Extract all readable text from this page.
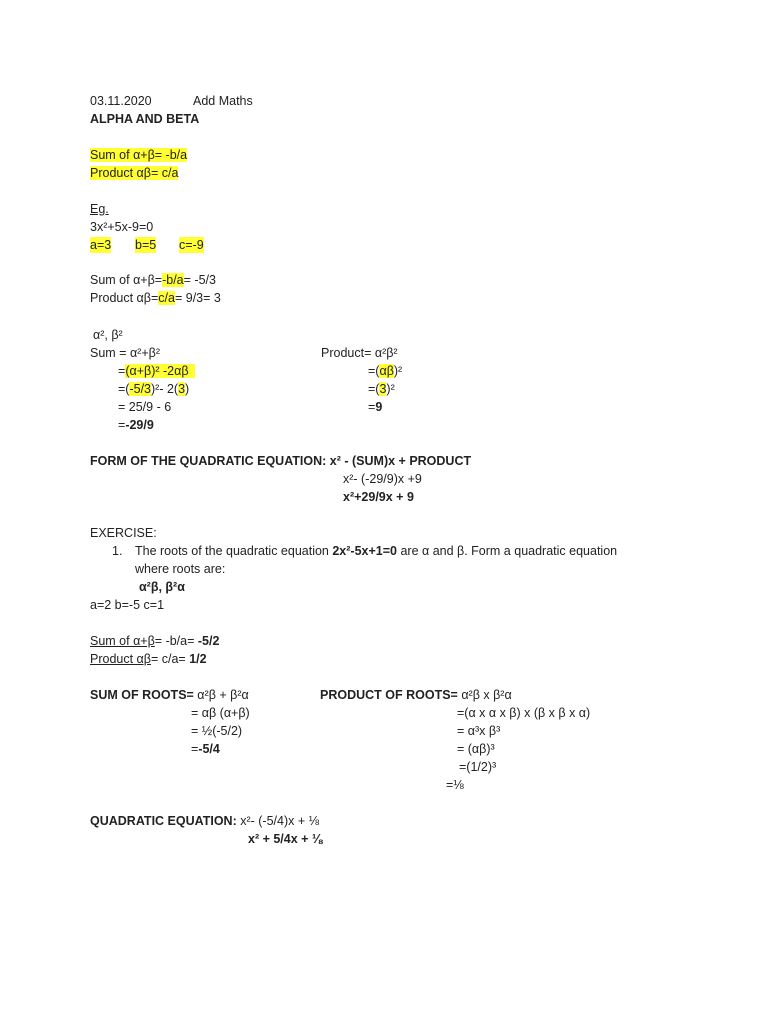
03.11.2020	Add Maths
ALPHA AND BETA
Sum of α+β= -b/a
Product αβ= c/a
Eg.
3x²+5x-9=0
a=3 b=5 c=-9
Sum of α+β=-b/a= -5/3
Product αβ=c/a= 9/3= 3
α², β²
Sum = α²+β²
=(α+β)² -2αβ
=(-5/3)²- 2(3)
= 25/9 - 6
=-29/9
Product= α²β²
=(αβ)²
=(3)²
=9
FORM OF THE QUADRATIC EQUATION: x² - (SUM)x + PRODUCT
x²- (-29/9)x +9
x²+29/9x + 9
EXERCISE:
1. The roots of the quadratic equation 2x²-5x+1=0 are α and β. Form a quadratic equation
where roots are:
α²β, β²α
a=2 b=-5 c=1
Sum of α+β= -b/a= -5/2
Product αβ= c/a= 1/2
SUM OF ROOTS= α²β + β²α
= αβ (α+β)
= ½(-5/2)
=-5/4
PRODUCT OF ROOTS= α²β x β²α
=(α x α x β) x (β x β x α)
= α³x β³
= (αβ)³
=(1/2)³
=⅛
QUADRATIC EQUATION: x²- (-5/4)x + ⅛
x² + 5/4x + ⅛
